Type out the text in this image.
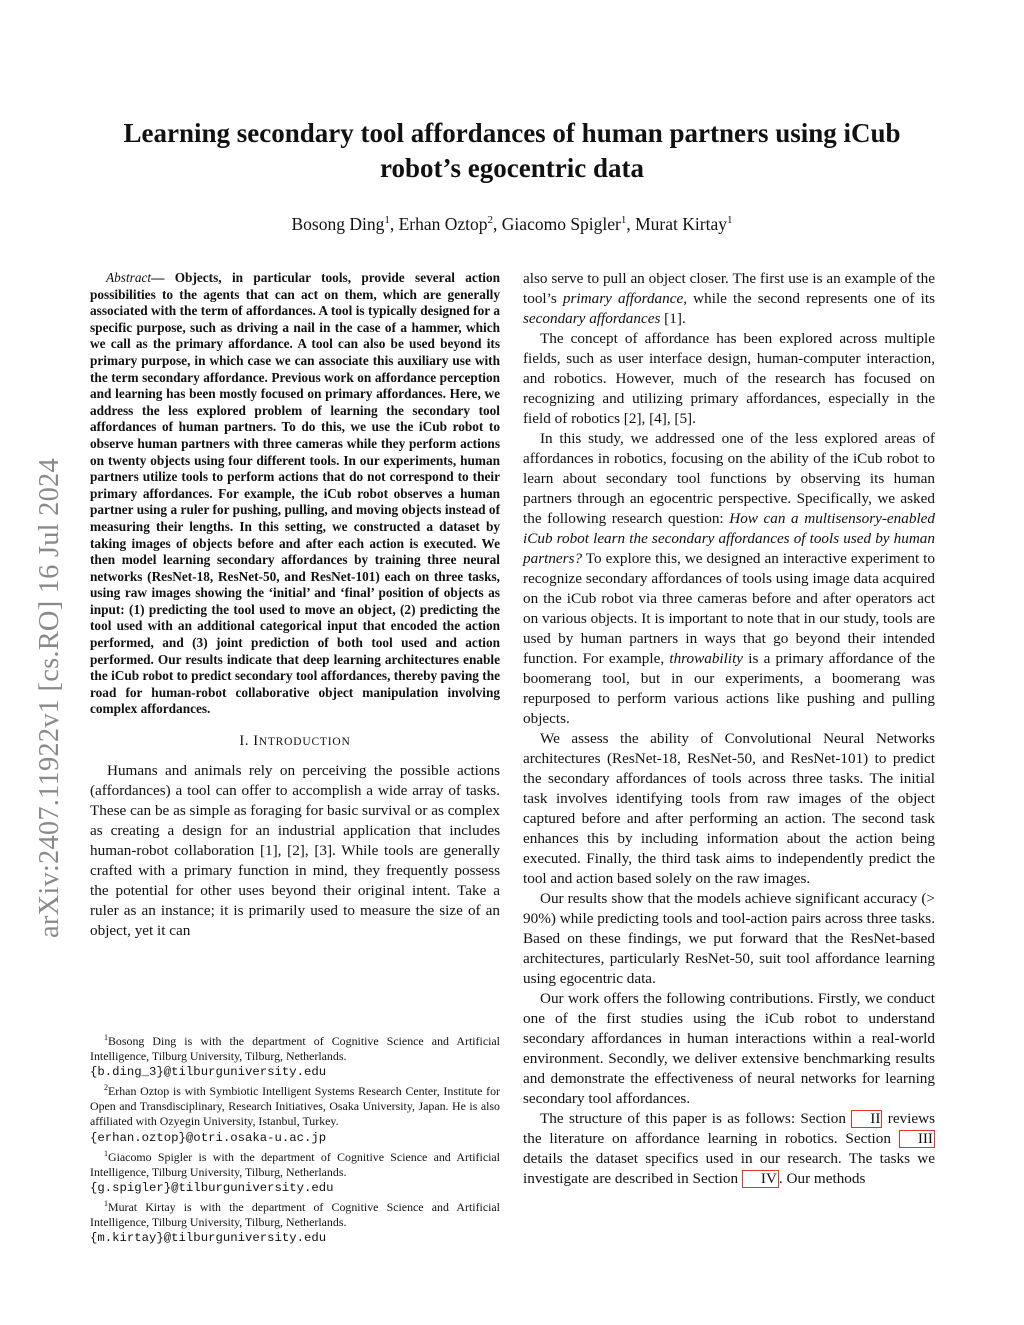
arXiv:2407.11922v1 [cs.RO] 16 Jul 2024
Learning secondary tool affordances of human partners using iCub robot’s egocentric data
Bosong Ding$^1$, Erhan Oztop$^2$, Giacomo Spigler$^1$, Murat Kirtay$^1$

Abstract— Objects, in particular tools, provide several action possibilities to the agents that can act on them, which are generally associated with the term of affordances. A tool is typically designed for a specific purpose, such as driving a nail in the case of a hammer, which we call as the primary affordance. A tool can also be used beyond its primary purpose, in which case we can associate this auxiliary use with the term secondary affordance. Previous work on affordance perception and learning has been mostly focused on primary affordances. Here, we address the less explored problem of learning the secondary tool affordances of human partners. To do this, we use the iCub robot to observe human partners with three cameras while they perform actions on twenty objects using four different tools. In our experiments, human partners utilize tools to perform actions that do not correspond to their primary affordances. For example, the iCub robot observes a human partner using a ruler for pushing, pulling, and moving objects instead of measuring their lengths. In this setting, we constructed a dataset by taking images of objects before and after each action is executed. We then model learning secondary affordances by training three neural networks (ResNet-18, ResNet-50, and ResNet-101) each on three tasks, using raw images showing the ‘initial’ and ‘final’ position of objects as input: (1) predicting the tool used to move an object, (2) predicting the tool used with an additional categorical input that encoded the action performed, and (3) joint prediction of both tool used and action performed. Our results indicate that deep learning architectures enable the iCub robot to predict secondary tool affordances, thereby paving the road for human-robot collaborative object manipulation involving complex affordances.

I. INTRODUCTION

Humans and animals rely on perceiving the possible actions (affordances) a tool can offer to accomplish a wide array of tasks. These can be as simple as foraging for basic survival or as complex as creating a design for an industrial application that includes human-robot collaboration [1], [2], [3]. While tools are generally crafted with a primary function in mind, they frequently possess the potential for other uses beyond their original intent. Take a ruler as an instance; it is primarily used to measure the size of an object, yet it can

$^1$Bosong Ding is with the department of Cognitive Science and Artificial Intelligence, Tilburg University, Tilburg, Netherlands.
{b.ding_3}@tilburguniversity.edu

$^2$Erhan Oztop is with Symbiotic Intelligent Systems Research Center, Institute for Open and Transdisciplinary, Research Initiatives, Osaka University, Japan. He is also affiliated with Ozyegin University, Istanbul, Turkey.
{erhan.oztop}@otri.osaka-u.ac.jp

$^1$Giacomo Spigler is with the department of Cognitive Science and Artificial Intelligence, Tilburg University, Tilburg, Netherlands.
{g.spigler}@tilburguniversity.edu

$^1$Murat Kirtay is with the department of Cognitive Science and Artificial Intelligence, Tilburg University, Tilburg, Netherlands.
{m.kirtay}@tilburguniversity.edu

also serve to pull an object closer. The first use is an example of the tool’s primary affordance, while the second represents one of its secondary affordances [1].

The concept of affordance has been explored across multiple fields, such as user interface design, human-computer interaction, and robotics. However, much of the research has focused on recognizing and utilizing primary affordances, especially in the field of robotics [2], [4], [5].

In this study, we addressed one of the less explored areas of affordances in robotics, focusing on the ability of the iCub robot to learn about secondary tool functions by observing its human partners through an egocentric perspective. Specifically, we asked the following research question: How can a multisensory-enabled iCub robot learn the secondary affordances of tools used by human partners? To explore this, we designed an interactive experiment to recognize secondary affordances of tools using image data acquired on the iCub robot via three cameras before and after operators act on various objects. It is important to note that in our study, tools are used by human partners in ways that go beyond their intended function. For example, throwability is a primary affordance of the boomerang tool, but in our experiments, a boomerang was repurposed to perform various actions like pushing and pulling objects.

We assess the ability of Convolutional Neural Networks architectures (ResNet-18, ResNet-50, and ResNet-101) to predict the secondary affordances of tools across three tasks. The initial task involves identifying tools from raw images of the object captured before and after performing an action. The second task enhances this by including information about the action being executed. Finally, the third task aims to independently predict the tool and action based solely on the raw images.

Our results show that the models achieve significant accuracy (> 90%) while predicting tools and tool-action pairs across three tasks. Based on these findings, we put forward that the ResNet-based architectures, particularly ResNet-50, suit tool affordance learning using egocentric data.

Our work offers the following contributions. Firstly, we conduct one of the first studies using the iCub robot to understand secondary affordances in human interactions within a real-world environment. Secondly, we deliver extensive benchmarking results and demonstrate the effectiveness of neural networks for learning secondary tool affordances.

The structure of this paper is as follows: Section II reviews the literature on affordance learning in robotics. Section III details the dataset specifics used in our research. The tasks we investigate are described in Section IV . Our methods
